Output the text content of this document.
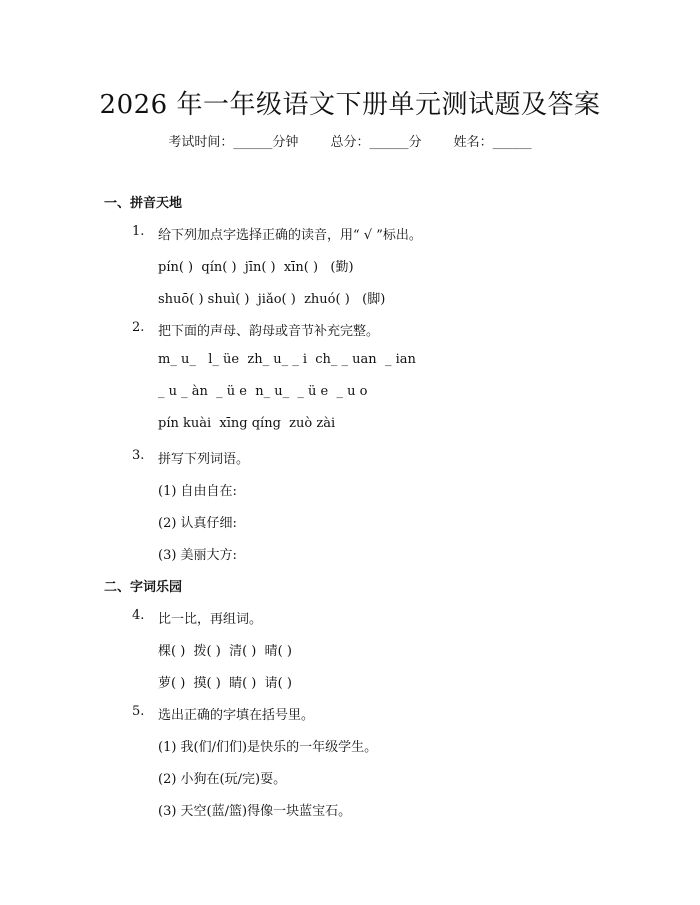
2026 年一年级语文下册单元测试题及答案
考试时间：______分钟 总分：______分 姓名：______
一、拼音天地
1. 给下列加点字选择正确的读音，用“ √ ”标出。
pín( )  qín( )  jīn( )  xīn( )   (勤)
shuō( ) shuì( )  jiǎo( )  zhuó( )   (脚)
2. 把下面的声母、韵母或音节补充完整。
m_ u_   l_ üe  zh_ u_ _ i  ch_ _ uan  _ ian
_ u _ àn  _ ü e  n_ u_  _ ü e  _ u o
pín kuài  xīng qíng  zuò zài
3. 拼写下列词语。
(1) 自由自在:
(2) 认真仔细:
(3) 美丽大方:
二、字词乐园
4. 比一比，再组词。
棵( )  拨( )  清( )  晴( )
萝( )  摸( )  睛( )  请( )
5. 选出正确的字填在括号里。
(1) 我(们/们们)是快乐的一年级学生。
(2) 小狗在(玩/完)耍。
(3) 天空(蓝/篮)得像一块蓝宝石。
